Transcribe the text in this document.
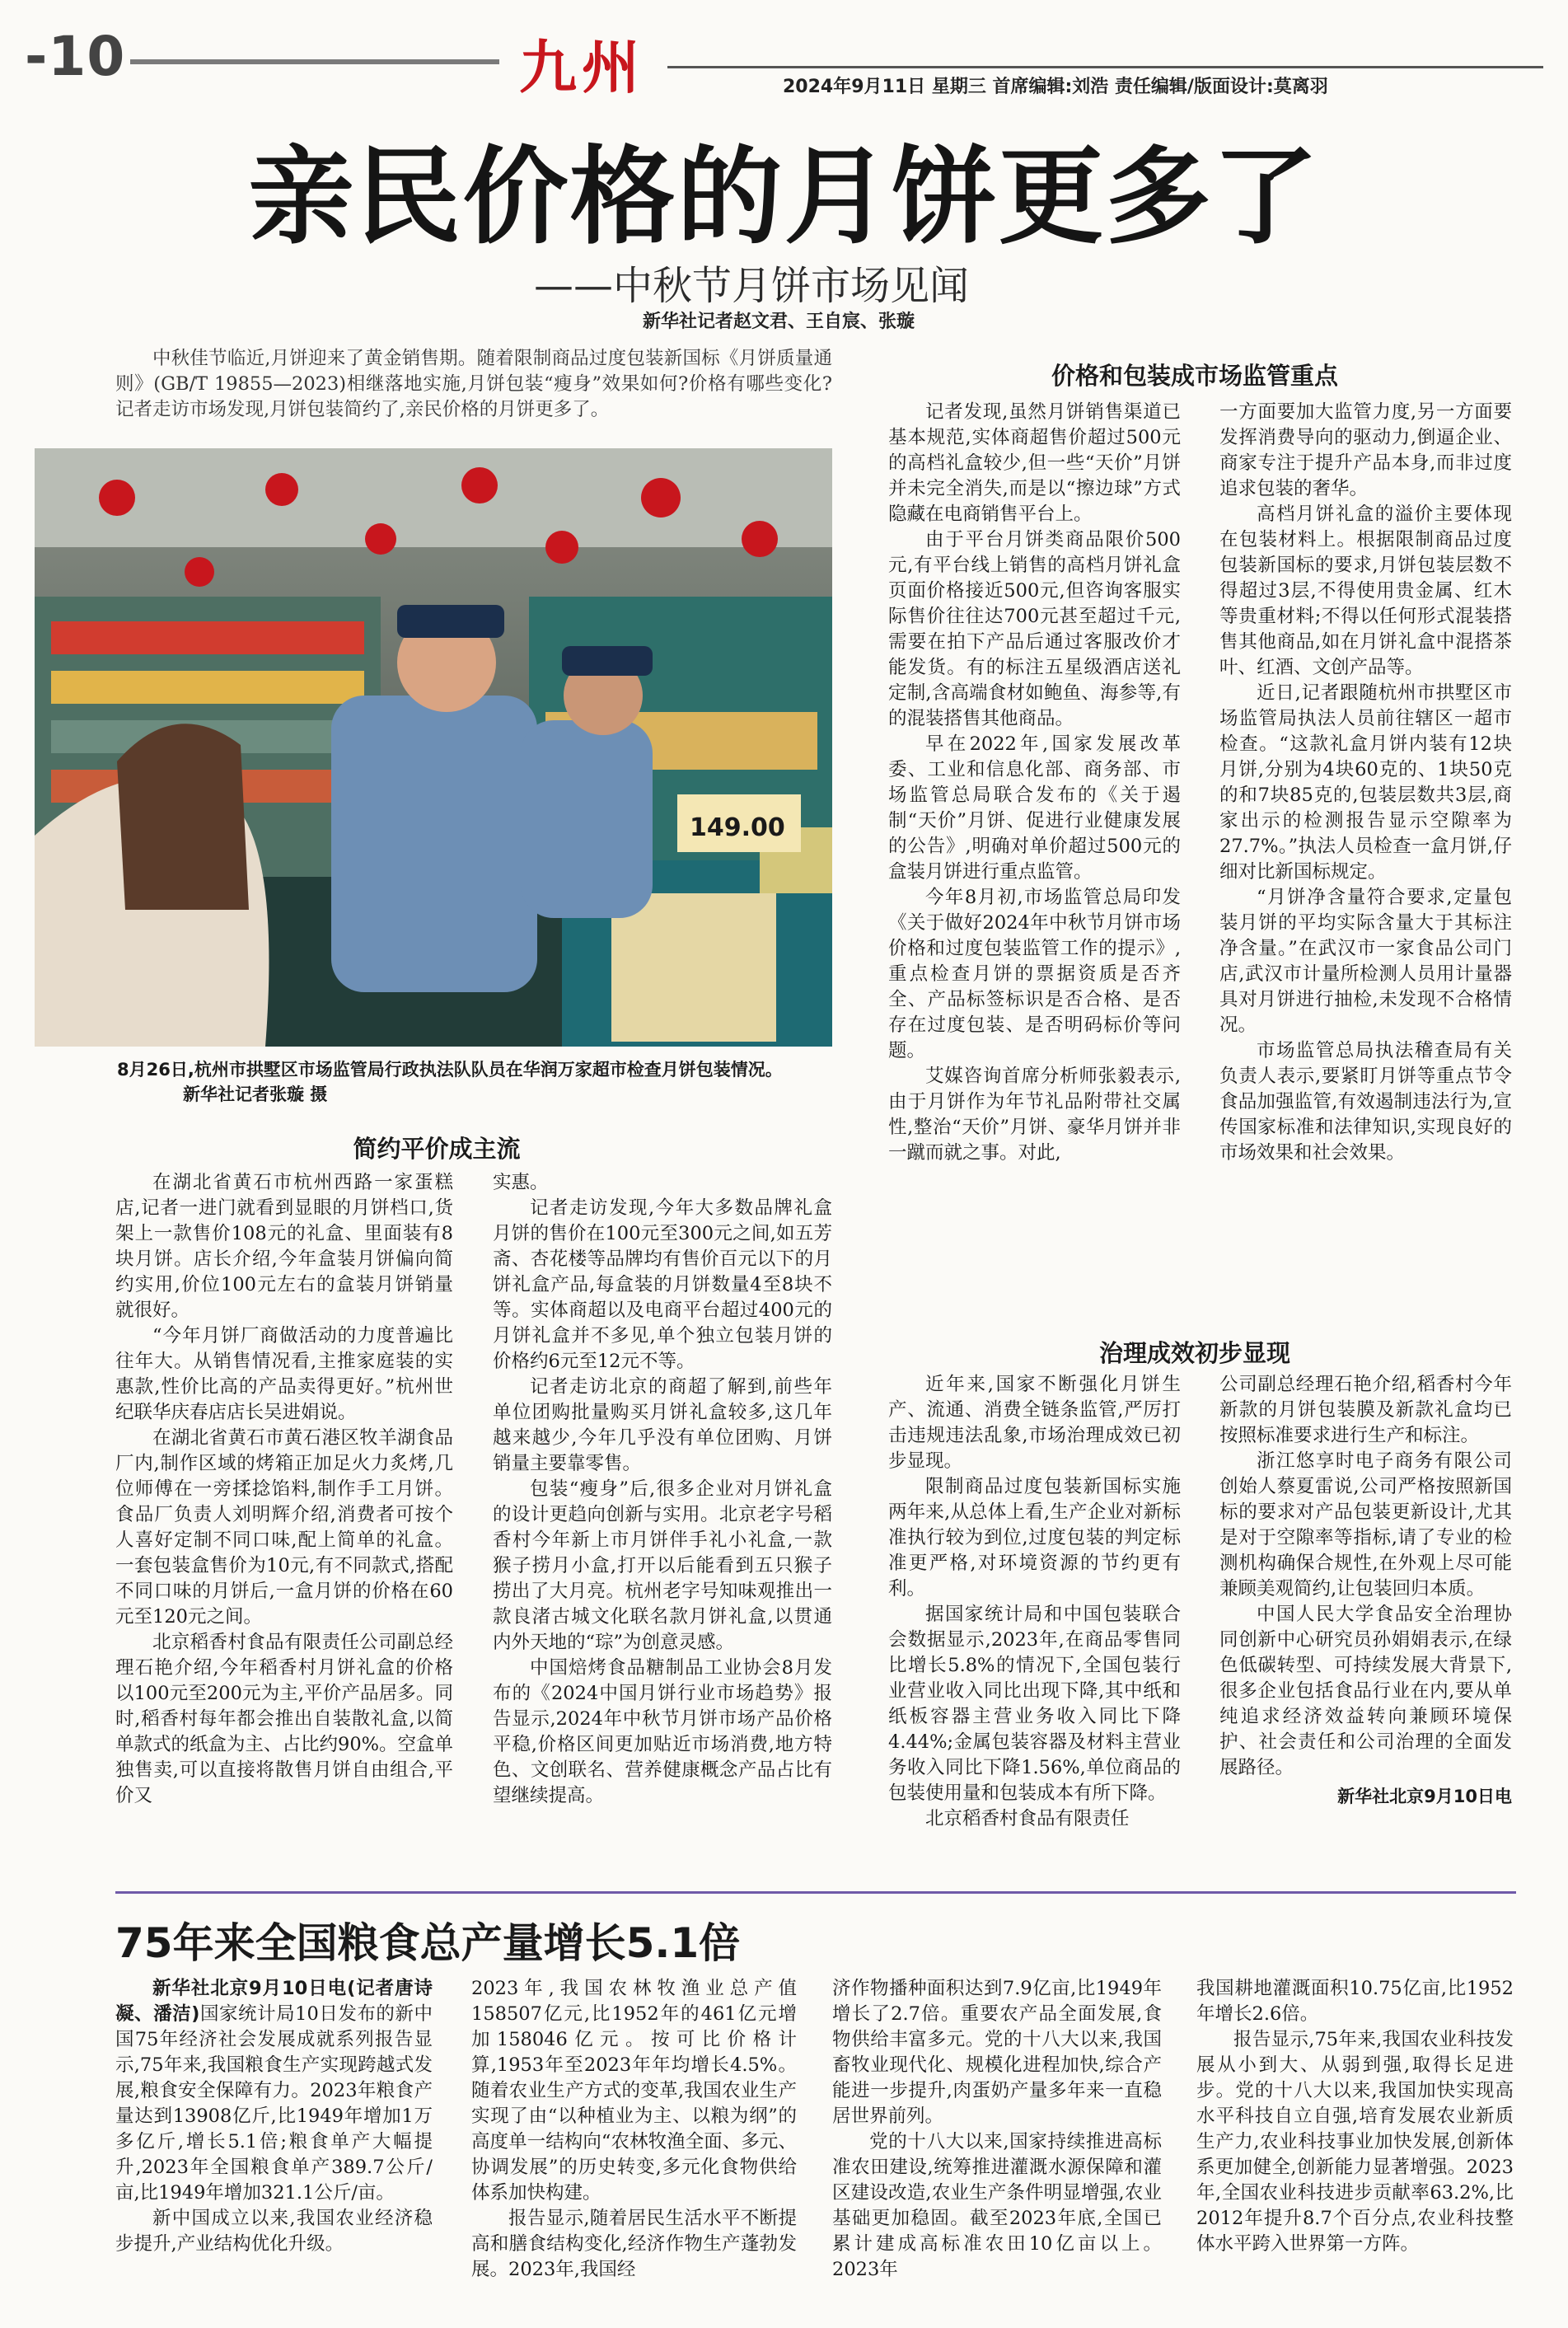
-10	九州	2024年9月11日 星期三 首席编辑:刘浩 责任编辑/版面设计:莫离羽
亲民价格的月饼更多了
——中秋节月饼市场见闻
新华社记者赵文君、王自宸、张璇

中秋佳节临近,月饼迎来了黄金销售期。随着限制商品过度包装新国标《月饼质量通则》(GB/T 19855—2023)相继落地实施,月饼包装“瘦身”效果如何?价格有哪些变化?记者走访市场发现,月饼包装简约了,亲民价格的月饼更多了。

149.00
8月26日,杭州市拱墅区市场监管局行政执法队队员在华润万家超市检查月饼包装情况。新华社记者张璇 摄
简约平价成主流

在湖北省黄石市杭州西路一家蛋糕店,记者一进门就看到显眼的月饼档口,货架上一款售价108元的礼盒、里面装有8块月饼。店长介绍,今年盒装月饼偏向简约实用,价位100元左右的盒装月饼销量就很好。

“今年月饼厂商做活动的力度普遍比往年大。从销售情况看,主推家庭装的实惠款,性价比高的产品卖得更好。”杭州世纪联华庆春店店长吴进娟说。

在湖北省黄石市黄石港区牧羊湖食品厂内,制作区域的烤箱正加足火力炙烤,几位师傅在一旁揉捻馅料,制作手工月饼。食品厂负责人刘明辉介绍,消费者可按个人喜好定制不同口味,配上简单的礼盒。一套包装盒售价为10元,有不同款式,搭配不同口味的月饼后,一盒月饼的价格在60元至120元之间。

北京稻香村食品有限责任公司副总经理石艳介绍,今年稻香村月饼礼盒的价格以100元至200元为主,平价产品居多。同时,稻香村每年都会推出自装散礼盒,以简单款式的纸盒为主、占比约90%。空盒单独售卖,可以直接将散售月饼自由组合,平价又

实惠。

记者走访发现,今年大多数品牌礼盒月饼的售价在100元至300元之间,如五芳斋、杏花楼等品牌均有售价百元以下的月饼礼盒产品,每盒装的月饼数量4至8块不等。实体商超以及电商平台超过400元的月饼礼盒并不多见,单个独立包装月饼的价格约6元至12元不等。

记者走访北京的商超了解到,前些年单位团购批量购买月饼礼盒较多,这几年越来越少,今年几乎没有单位团购、月饼销量主要靠零售。

包装“瘦身”后,很多企业对月饼礼盒的设计更趋向创新与实用。北京老字号稻香村今年新上市月饼伴手礼小礼盒,一款猴子捞月小盒,打开以后能看到五只猴子捞出了大月亮。杭州老字号知味观推出一款良渚古城文化联名款月饼礼盒,以贯通内外天地的“琮”为创意灵感。

中国焙烤食品糖制品工业协会8月发布的《2024中国月饼行业市场趋势》报告显示,2024年中秋节月饼市场产品价格平稳,价格区间更加贴近市场消费,地方特色、文创联名、营养健康概念产品占比有望继续提高。

价格和包装成市场监管重点

记者发现,虽然月饼销售渠道已基本规范,实体商超售价超过500元的高档礼盒较少,但一些“天价”月饼并未完全消失,而是以“擦边球”方式隐藏在电商销售平台上。

由于平台月饼类商品限价500元,有平台线上销售的高档月饼礼盒页面价格接近500元,但咨询客服实际售价往往达700元甚至超过千元,需要在拍下产品后通过客服改价才能发货。有的标注五星级酒店送礼定制,含高端食材如鲍鱼、海参等,有的混装搭售其他商品。

早在2022年,国家发展改革委、工业和信息化部、商务部、市场监管总局联合发布的《关于遏制“天价”月饼、促进行业健康发展的公告》,明确对单价超过500元的盒装月饼进行重点监管。

今年8月初,市场监管总局印发《关于做好2024年中秋节月饼市场价格和过度包装监管工作的提示》,重点检查月饼的票据资质是否齐全、产品标签标识是否合格、是否存在过度包装、是否明码标价等问题。

艾媒咨询首席分析师张毅表示,由于月饼作为年节礼品附带社交属性,整治“天价”月饼、豪华月饼并非一蹴而就之事。对此,

一方面要加大监管力度,另一方面要发挥消费导向的驱动力,倒逼企业、商家专注于提升产品本身,而非过度追求包装的奢华。

高档月饼礼盒的溢价主要体现在包装材料上。根据限制商品过度包装新国标的要求,月饼包装层数不得超过3层,不得使用贵金属、红木等贵重材料;不得以任何形式混装搭售其他商品,如在月饼礼盒中混搭茶叶、红酒、文创产品等。

近日,记者跟随杭州市拱墅区市场监管局执法人员前往辖区一超市检查。“这款礼盒月饼内装有12块月饼,分别为4块60克的、1块50克的和7块85克的,包装层数共3层,商家出示的检测报告显示空隙率为27.7%。”执法人员检查一盒月饼,仔细对比新国标规定。

“月饼净含量符合要求,定量包装月饼的平均实际含量大于其标注净含量。”在武汉市一家食品公司门店,武汉市计量所检测人员用计量器具对月饼进行抽检,未发现不合格情况。

市场监管总局执法稽查局有关负责人表示,要紧盯月饼等重点节令食品加强监管,有效遏制违法行为,宣传国家标准和法律知识,实现良好的市场效果和社会效果。

治理成效初步显现

近年来,国家不断强化月饼生产、流通、消费全链条监管,严厉打击违规违法乱象,市场治理成效已初步显现。

限制商品过度包装新国标实施两年来,从总体上看,生产企业对新标准执行较为到位,过度包装的判定标准更严格,对环境资源的节约更有利。

据国家统计局和中国包装联合会数据显示,2023年,在商品零售同比增长5.8%的情况下,全国包装行业营业收入同比出现下降,其中纸和纸板容器主营业务收入同比下降4.44%;金属包装容器及材料主营业务收入同比下降1.56%,单位商品的包装使用量和包装成本有所下降。

北京稻香村食品有限责任

公司副总经理石艳介绍,稻香村今年新款的月饼包装膜及新款礼盒均已按照标准要求进行生产和标注。

浙江悠享时电子商务有限公司创始人蔡夏雷说,公司严格按照新国标的要求对产品包装更新设计,尤其是对于空隙率等指标,请了专业的检测机构确保合规性,在外观上尽可能兼顾美观简约,让包装回归本质。

中国人民大学食品安全治理协同创新中心研究员孙娟娟表示,在绿色低碳转型、可持续发展大背景下,很多企业包括食品行业在内,要从单纯追求经济效益转向兼顾环境保护、社会责任和公司治理的全面发展路径。

新华社北京9月10日电
75年来全国粮食总产量增长5.1倍

新华社北京9月10日电(记者唐诗凝、潘洁)国家统计局10日发布的新中国75年经济社会发展成就系列报告显示,75年来,我国粮食生产实现跨越式发展,粮食安全保障有力。2023年粮食产量达到13908亿斤,比1949年增加1万多亿斤,增长5.1倍;粮食单产大幅提升,2023年全国粮食单产389.7公斤/亩,比1949年增加321.1公斤/亩。

新中国成立以来,我国农业经济稳步提升,产业结构优化升级。

2023年,我国农林牧渔业总产值158507亿元,比1952年的461亿元增加158046亿元。按可比价格计算,1953年至2023年年均增长4.5%。随着农业生产方式的变革,我国农业生产实现了由“以种植业为主、以粮为纲”的高度单一结构向“农林牧渔全面、多元、协调发展”的历史转变,多元化食物供给体系加快构建。

报告显示,随着居民生活水平不断提高和膳食结构变化,经济作物生产蓬勃发展。2023年,我国经

济作物播种面积达到7.9亿亩,比1949年增长了2.7倍。重要农产品全面发展,食物供给丰富多元。党的十八大以来,我国畜牧业现代化、规模化进程加快,综合产能进一步提升,肉蛋奶产量多年来一直稳居世界前列。

党的十八大以来,国家持续推进高标准农田建设,统筹推进灌溉水源保障和灌区建设改造,农业生产条件明显增强,农业基础更加稳固。截至2023年底,全国已累计建成高标准农田10亿亩以上。2023年

我国耕地灌溉面积10.75亿亩,比1952年增长2.6倍。

报告显示,75年来,我国农业科技发展从小到大、从弱到强,取得长足进步。党的十八大以来,我国加快实现高水平科技自立自强,培育发展农业新质生产力,农业科技事业加快发展,创新体系更加健全,创新能力显著增强。2023年,全国农业科技进步贡献率63.2%,比2012年提升8.7个百分点,农业科技整体水平跨入世界第一方阵。
